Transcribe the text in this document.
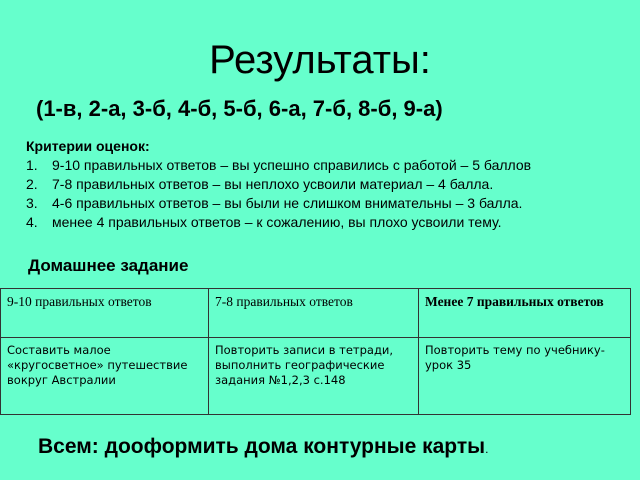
Результаты:
(1-в, 2-а, 3-б, 4-б, 5-б, 6-а, 7-б, 8-б, 9-а)
Критерии оценок:
1. 9-10 правильных ответов – вы успешно справились с работой – 5 баллов
2. 7-8 правильных ответов – вы неплохо усвоили материал – 4 балла.
3. 4-6 правильных ответов – вы были не слишком внимательны – 3 балла.
4. менее 4 правильных ответов – к сожалению, вы плохо усвоили тему.
Домашнее задание
9-10 правильных ответов	7-8 правильных ответов	Менее 7 правильных ответов
Составить малое «кругосветное» путешествие вокруг Австралии	Повторить записи в тетради, выполнить географические задания №1,2,3 с.148	Повторить тему по учебнику-урок 35
Всем: дооформить дома контурные карты.
